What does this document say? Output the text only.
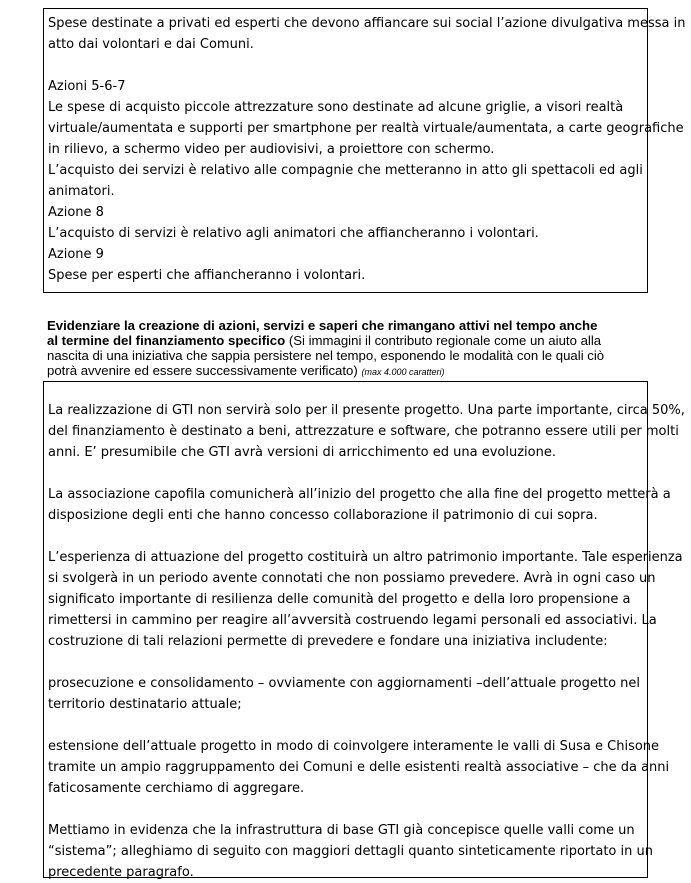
Spese destinate a privati ed esperti che devono affiancare sui social l’azione divulgativa messa in
atto dai volontari e dai Comuni.
Azioni 5-6-7
Le spese di acquisto piccole attrezzature sono destinate ad alcune griglie, a visori realtà
virtuale/aumentata e supporti per smartphone per realtà virtuale/aumentata, a carte geografiche
in rilievo, a schermo video per audiovisivi, a proiettore con schermo.
L’acquisto dei servizi è relativo alle compagnie che metteranno in atto gli spettacoli ed agli
animatori.
Azione 8
L’acquisto di servizi è relativo agli animatori che affiancheranno i volontari.
Azione 9
Spese per esperti che affiancheranno i volontari.
Evidenziare la creazione di azioni, servizi e saperi che rimangano attivi nel tempo anche
al termine del finanziamento specifico (Si immagini il contributo regionale come un aiuto alla
nascita di una iniziativa che sappia persistere nel tempo, esponendo le modalità con le quali ciò
potrà avvenire ed essere successivamente verificato) (max 4.000 caratteri)
La realizzazione di GTI non servirà solo per il presente progetto. Una parte importante, circa 50%,
del finanziamento è destinato a beni, attrezzature e software, che potranno essere utili per molti
anni. E’ presumibile che GTI avrà versioni di arricchimento ed una evoluzione.
La associazione capofila comunicherà all’inizio del progetto che alla fine del progetto metterà a
disposizione degli enti che hanno concesso collaborazione il patrimonio di cui sopra.
L’esperienza di attuazione del progetto costituirà un altro patrimonio importante. Tale esperienza
si svolgerà in un periodo avente connotati che non possiamo prevedere. Avrà in ogni caso un
significato importante di resilienza delle comunità del progetto e della loro propensione a
rimettersi in cammino per reagire all’avversità costruendo legami personali ed associativi. La
costruzione di tali relazioni permette di prevedere e fondare una iniziativa includente:
prosecuzione e consolidamento – ovviamente con aggiornamenti –dell’attuale progetto nel
territorio destinatario attuale;
estensione dell’attuale progetto in modo di coinvolgere interamente le valli di Susa e Chisone
tramite un ampio raggruppamento dei Comuni e delle esistenti realtà associative – che da anni
faticosamente cerchiamo di aggregare.
Mettiamo in evidenza che la infrastruttura di base GTI già concepisce quelle valli come un
“sistema”; alleghiamo di seguito con maggiori dettagli quanto sinteticamente riportato in un
precedente paragrafo.
